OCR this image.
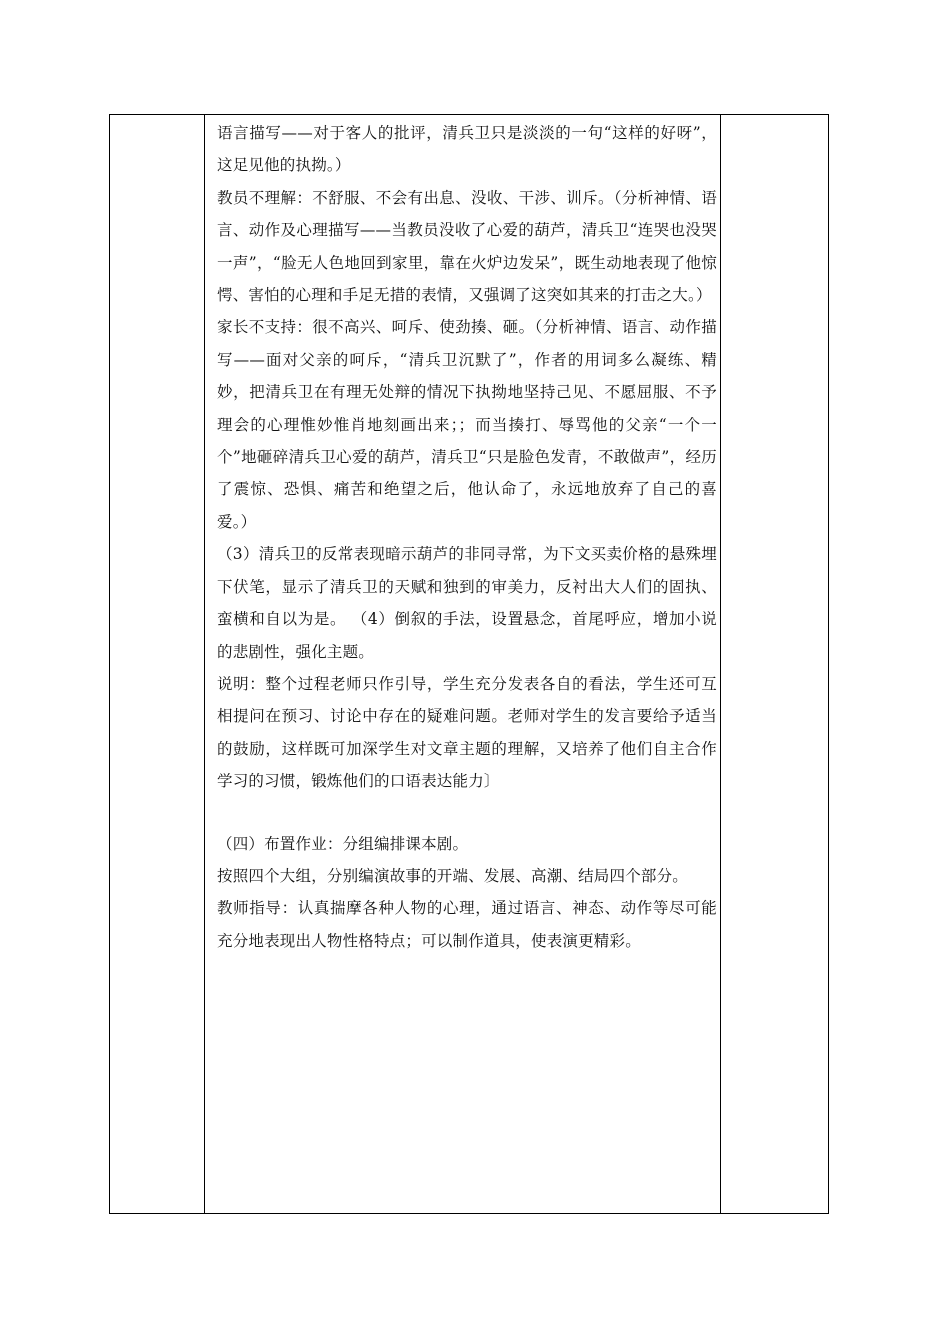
语言描写——对于客人的批评，清兵卫只是淡淡的一句“这样的好呀”，这足见他的执拗。）

教员不理解：不舒服、不会有出息、没收、干涉、训斥。（分析神情、语言、动作及心理描写——当教员没收了心爱的葫芦，清兵卫“连哭也没哭一声”，“脸无人色地回到家里，靠在火炉边发呆”，既生动地表现了他惊愕、害怕的心理和手足无措的表情，又强调了这突如其来的打击之大。）

家长不支持：很不高兴、呵斥、使劲揍、砸。（分析神情、语言、动作描写——面对父亲的呵斥，“清兵卫沉默了”，作者的用词多么凝练、精妙，把清兵卫在有理无处辩的情况下执拗地坚持己见、不愿屈服、不予理会的心理惟妙惟肖地刻画出来；；而当揍打、辱骂他的父亲“一个一个”地砸碎清兵卫心爱的葫芦，清兵卫“只是脸色发青，不敢做声”，经历了震惊、恐惧、痛苦和绝望之后，他认命了，永远地放弃了自己的喜爱。）

（3）清兵卫的反常表现暗示葫芦的非同寻常，为下文买卖价格的悬殊埋下伏笔，显示了清兵卫的天赋和独到的审美力，反衬出大人们的固执、蛮横和自以为是。 （4）倒叙的手法，设置悬念，首尾呼应，增加小说的悲剧性，强化主题。

说明：整个过程老师只作引导，学生充分发表各自的看法，学生还可互相提问在预习、讨论中存在的疑难问题。老师对学生的发言要给予适当的鼓励，这样既可加深学生对文章主题的理解，又培养了他们自主合作学习的习惯，锻炼他们的口语表达能力〕

（四）布置作业：分组编排课本剧。

按照四个大组，分别编演故事的开端、发展、高潮、结局四个部分。

教师指导：认真揣摩各种人物的心理，通过语言、神态、动作等尽可能充分地表现出人物性格特点；可以制作道具，使表演更精彩。
